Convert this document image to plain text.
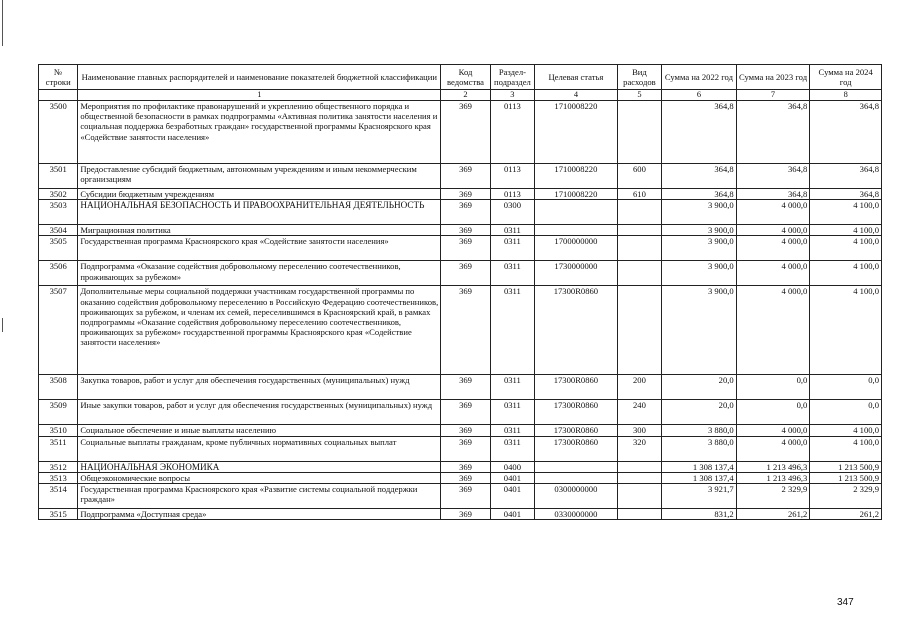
№ строки	Наименование главных распорядителей и наименование показателей бюджетной классификации	Код ведомства	Раздел-подраздел	Целевая статья	Вид расходов	Сумма на 2022 год	Сумма на 2023 год	Сумма на 2024 год
	1	2	3	4	5	6	7	8
3500	Мероприятия по профилактике правонарушений и укреплению общественного порядка и общественной безопасности в рамках подпрограммы «Активная политика занятости населения и социальная поддержка безработных граждан» государственной программы Красноярского края «Содействие занятости населения»	369	0113	1710008220		364,8	364,8	364,8
3501	Предоставление субсидий бюджетным, автономным учреждениям и иным некоммерческим организациям	369	0113	1710008220	600	364,8	364,8	364,8
3502	Субсидии бюджетным учреждениям	369	0113	1710008220	610	364,8	364,8	364,8
3503	НАЦИОНАЛЬНАЯ БЕЗОПАСНОСТЬ И ПРАВООХРАНИТЕЛЬНАЯ ДЕЯТЕЛЬНОСТЬ	369	0300			3 900,0	4 000,0	4 100,0
3504	Миграционная политика	369	0311			3 900,0	4 000,0	4 100,0
3505	Государственная программа Красноярского края «Содействие занятости населения»	369	0311	1700000000		3 900,0	4 000,0	4 100,0
3506	Подпрограмма «Оказание содействия добровольному переселению соотечественников, проживающих за рубежом»	369	0311	1730000000		3 900,0	4 000,0	4 100,0
3507	Дополнительные меры социальной поддержки участникам государственной программы по оказанию содействия добровольному переселению в Российскую Федерацию соотечественников, проживающих за рубежом, и членам их семей, переселившимся в Красноярский край, в рамках подпрограммы «Оказание содействия добровольному переселению соотечественников, проживающих за рубежом» государственной программы Красноярского края «Содействие занятости населения»	369	0311	17300R0860		3 900,0	4 000,0	4 100,0
3508	Закупка товаров, работ и услуг для обеспечения государственных (муниципальных) нужд	369	0311	17300R0860	200	20,0	0,0	0,0
3509	Иные закупки товаров, работ и услуг для обеспечения государственных (муниципальных) нужд	369	0311	17300R0860	240	20,0	0,0	0,0
3510	Социальное обеспечение и иные выплаты населению	369	0311	17300R0860	300	3 880,0	4 000,0	4 100,0
3511	Социальные выплаты гражданам, кроме публичных нормативных социальных выплат	369	0311	17300R0860	320	3 880,0	4 000,0	4 100,0
3512	НАЦИОНАЛЬНАЯ ЭКОНОМИКА	369	0400			1 308 137,4	1 213 496,3	1 213 500,9
3513	Общеэкономические вопросы	369	0401			1 308 137,4	1 213 496,3	1 213 500,9
3514	Государственная программа Красноярского края «Развитие системы социальной поддержки граждан»	369	0401	0300000000		3 921,7	2 329,9	2 329,9
3515	Подпрограмма «Доступная среда»	369	0401	0330000000		831,2	261,2	261,2
347
